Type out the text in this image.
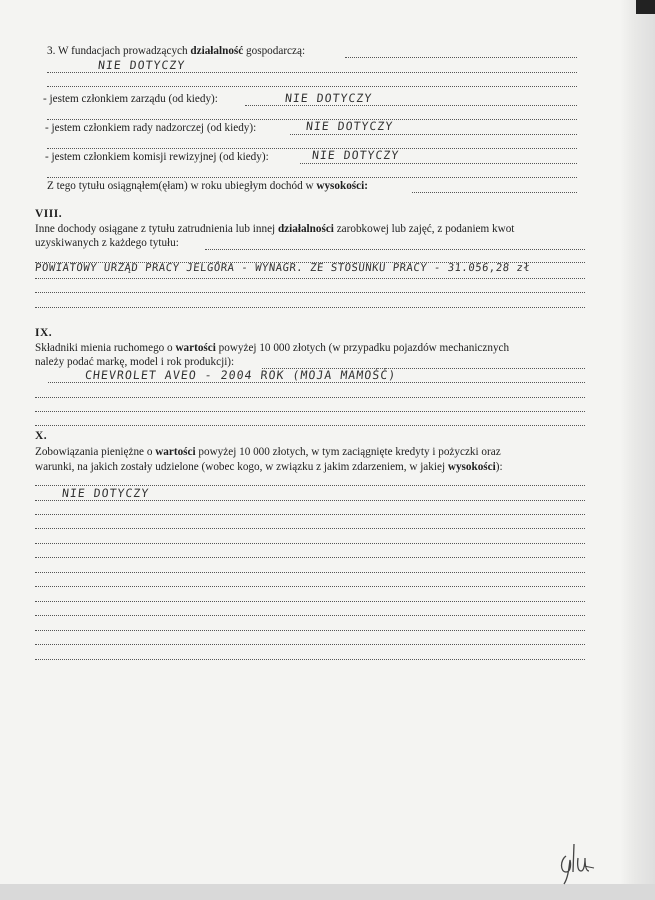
3. W fundacjach prowadzących działalność gospodarczą:
NIE DOTYCZY
- jestem członkiem zarządu (od kiedy):	NIE DOTYCZY
- jestem członkiem rady nadzorczej (od kiedy):	NIE DOTYCZY
- jestem członkiem komisji rewizyjnej (od kiedy):	NIE DOTYCZY
Z tego tytułu osiągnąłem(ęłam) w roku ubiegłym dochód w wysokości:
VIII.
Inne dochody osiągane z tytułu zatrudnienia lub innej działalności zarobkowej lub zajęć, z podaniem kwot
uzyskiwanych z każdego tytułu:
POWIATOWY URZĄD PRACY JELGÓRA - WYNAGR. ZE STOSUNKU PRACY - 31.056,28 zł
IX.
Składniki mienia ruchomego o wartości powyżej 10 000 złotych (w przypadku pojazdów mechanicznych
należy podać markę, model i rok produkcji):
CHEVROLET AVEO - 2004 ROK (MOJA MAMOŚĆ)
X.
Zobowiązania pieniężne o wartości powyżej 10 000 złotych, w tym zaciągnięte kredyty i pożyczki oraz
warunki, na jakich zostały udzielone (wobec kogo, w związku z jakim zdarzeniem, w jakiej wysokości):
NIE DOTYCZY
